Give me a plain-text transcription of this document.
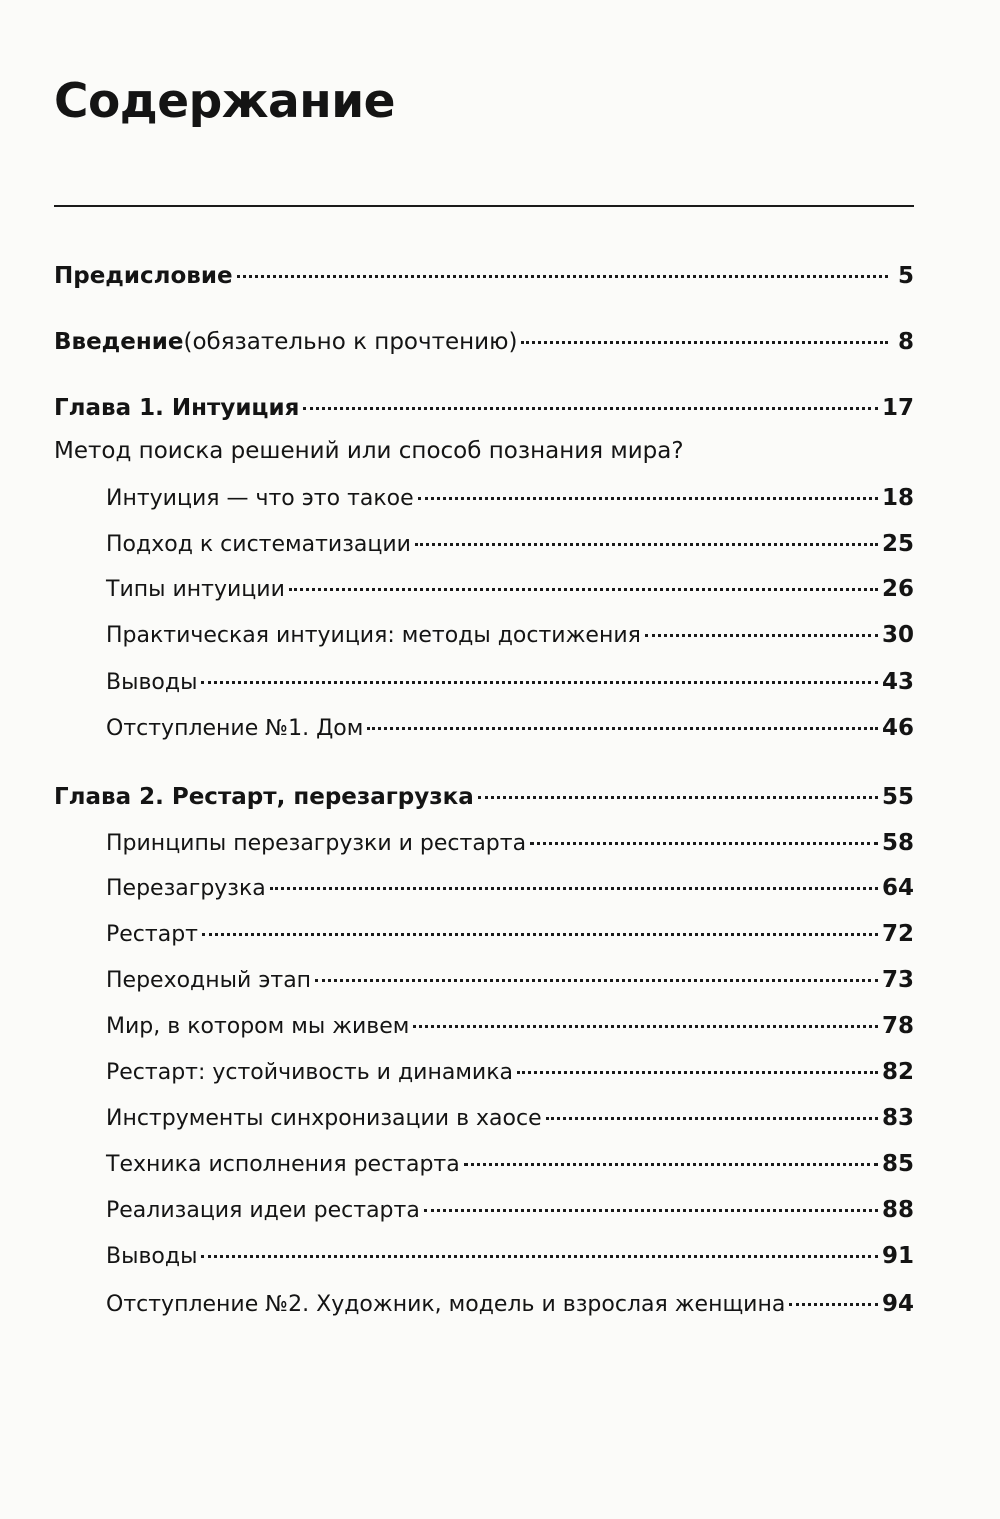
Содержание
Предисловие	5
Введение (обязательно к прочтению)	8
Глава 1. Интуиция	17
Метод поиска решений или способ познания мира?
Интуиция — что это такое	18
Подход к систематизации	25
Типы интуиции	26
Практическая интуиция: методы достижения	30
Выводы	43
Отступление №1. Дом	46
Глава 2. Рестарт, перезагрузка	55
Принципы перезагрузки и рестарта	58
Перезагрузка	64
Рестарт	72
Переходный этап	73
Мир, в котором мы живем	78
Рестарт: устойчивость и динамика	82
Инструменты синхронизации в хаосе	83
Техника исполнения рестарта	85
Реализация идеи рестарта	88
Выводы	91
Отступление №2. Художник, модель и взрослая женщина	94
